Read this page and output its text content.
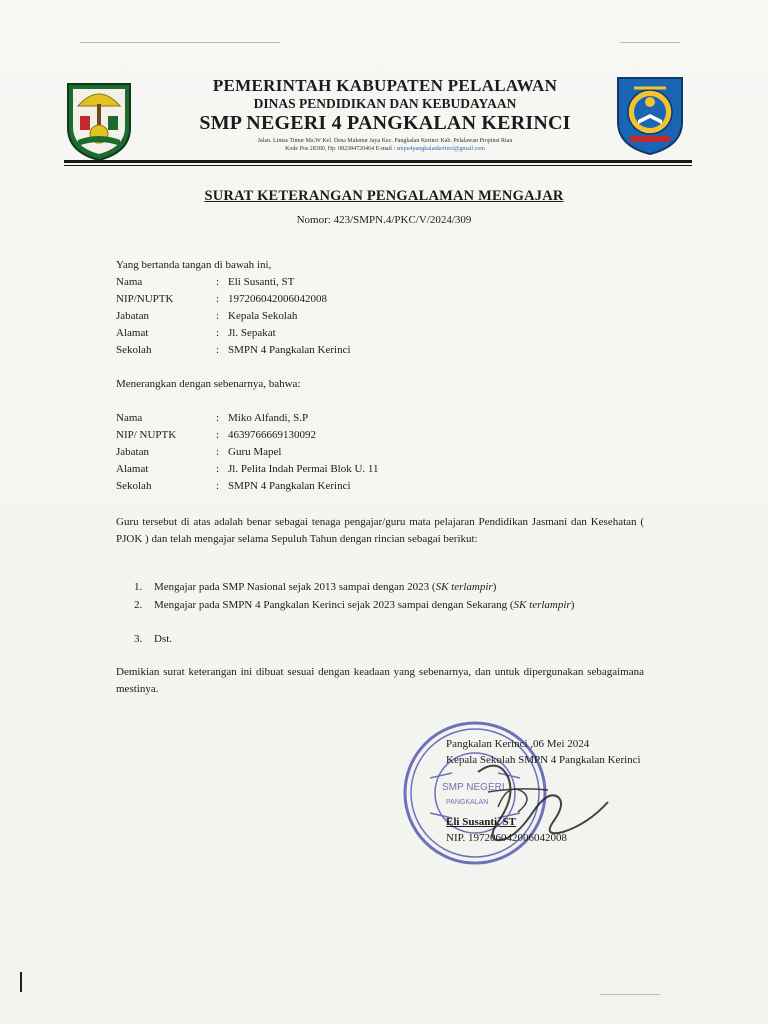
PEMERINTAH KABUPATEN PELALAWAN
DINAS PENDIDIKAN DAN KEBUDAYAAN
SMP NEGERI 4 PANGKALAN KERINCI
Jalan. Lintas Timur Ma.W Kel. Desa Makmur Jaya Kec. Pangkalan Kerinci Kab. Pelalawan Propinsi Riau
Kode Pos 28300, Hp. 082384720464 E-mail : smpn4pangkalankerinci@gmail.com
SURAT KETERANGAN PENGALAMAN MENGAJAR
Nomor: 423/SMPN.4/PKC/V/2024/309
Yang bertanda tangan di bawah ini,
Nama	: Eli Susanti, ST
NIP/NUPTK	: 197206042006042008
Jabatan	: Kepala Sekolah
Alamat	: Jl. Sepakat
Sekolah	: SMPN 4 Pangkalan Kerinci
Menerangkan dengan sebenarnya, bahwa:
Nama	: Miko Alfandi, S.P
NIP/ NUPTK	: 4639766669130092
Jabatan	: Guru Mapel
Alamat	: Jl. Pelita Indah Permai Blok U. 11
Sekolah	: SMPN 4 Pangkalan Kerinci
Guru tersebut di atas adalah benar sebagai tenaga pengajar/guru mata pelajaran Pendidikan Jasmani dan Kesehatan ( PJOK ) dan telah mengajar selama Sepuluh Tahun dengan rincian sebagai berikut:
1. Mengajar pada SMP Nasional sejak 2013 sampai dengan 2023 (SK terlampir)
2. Mengajar pada SMPN 4 Pangkalan Kerinci sejak 2023 sampai dengan Sekarang (SK terlampir)
3. Dst.
Demikian surat keterangan ini dibuat sesuai dengan keadaan yang sebenarnya, dan untuk dipergunakan sebagaimana mestinya.
SMP NEGERI
PANGKALAN
Pangkalan Kerinci ,06 Mei 2024
Kepala Sekolah SMPN 4 Pangkalan Kerinci
Eli Susanti, ST
NIP. 197206042006042008
